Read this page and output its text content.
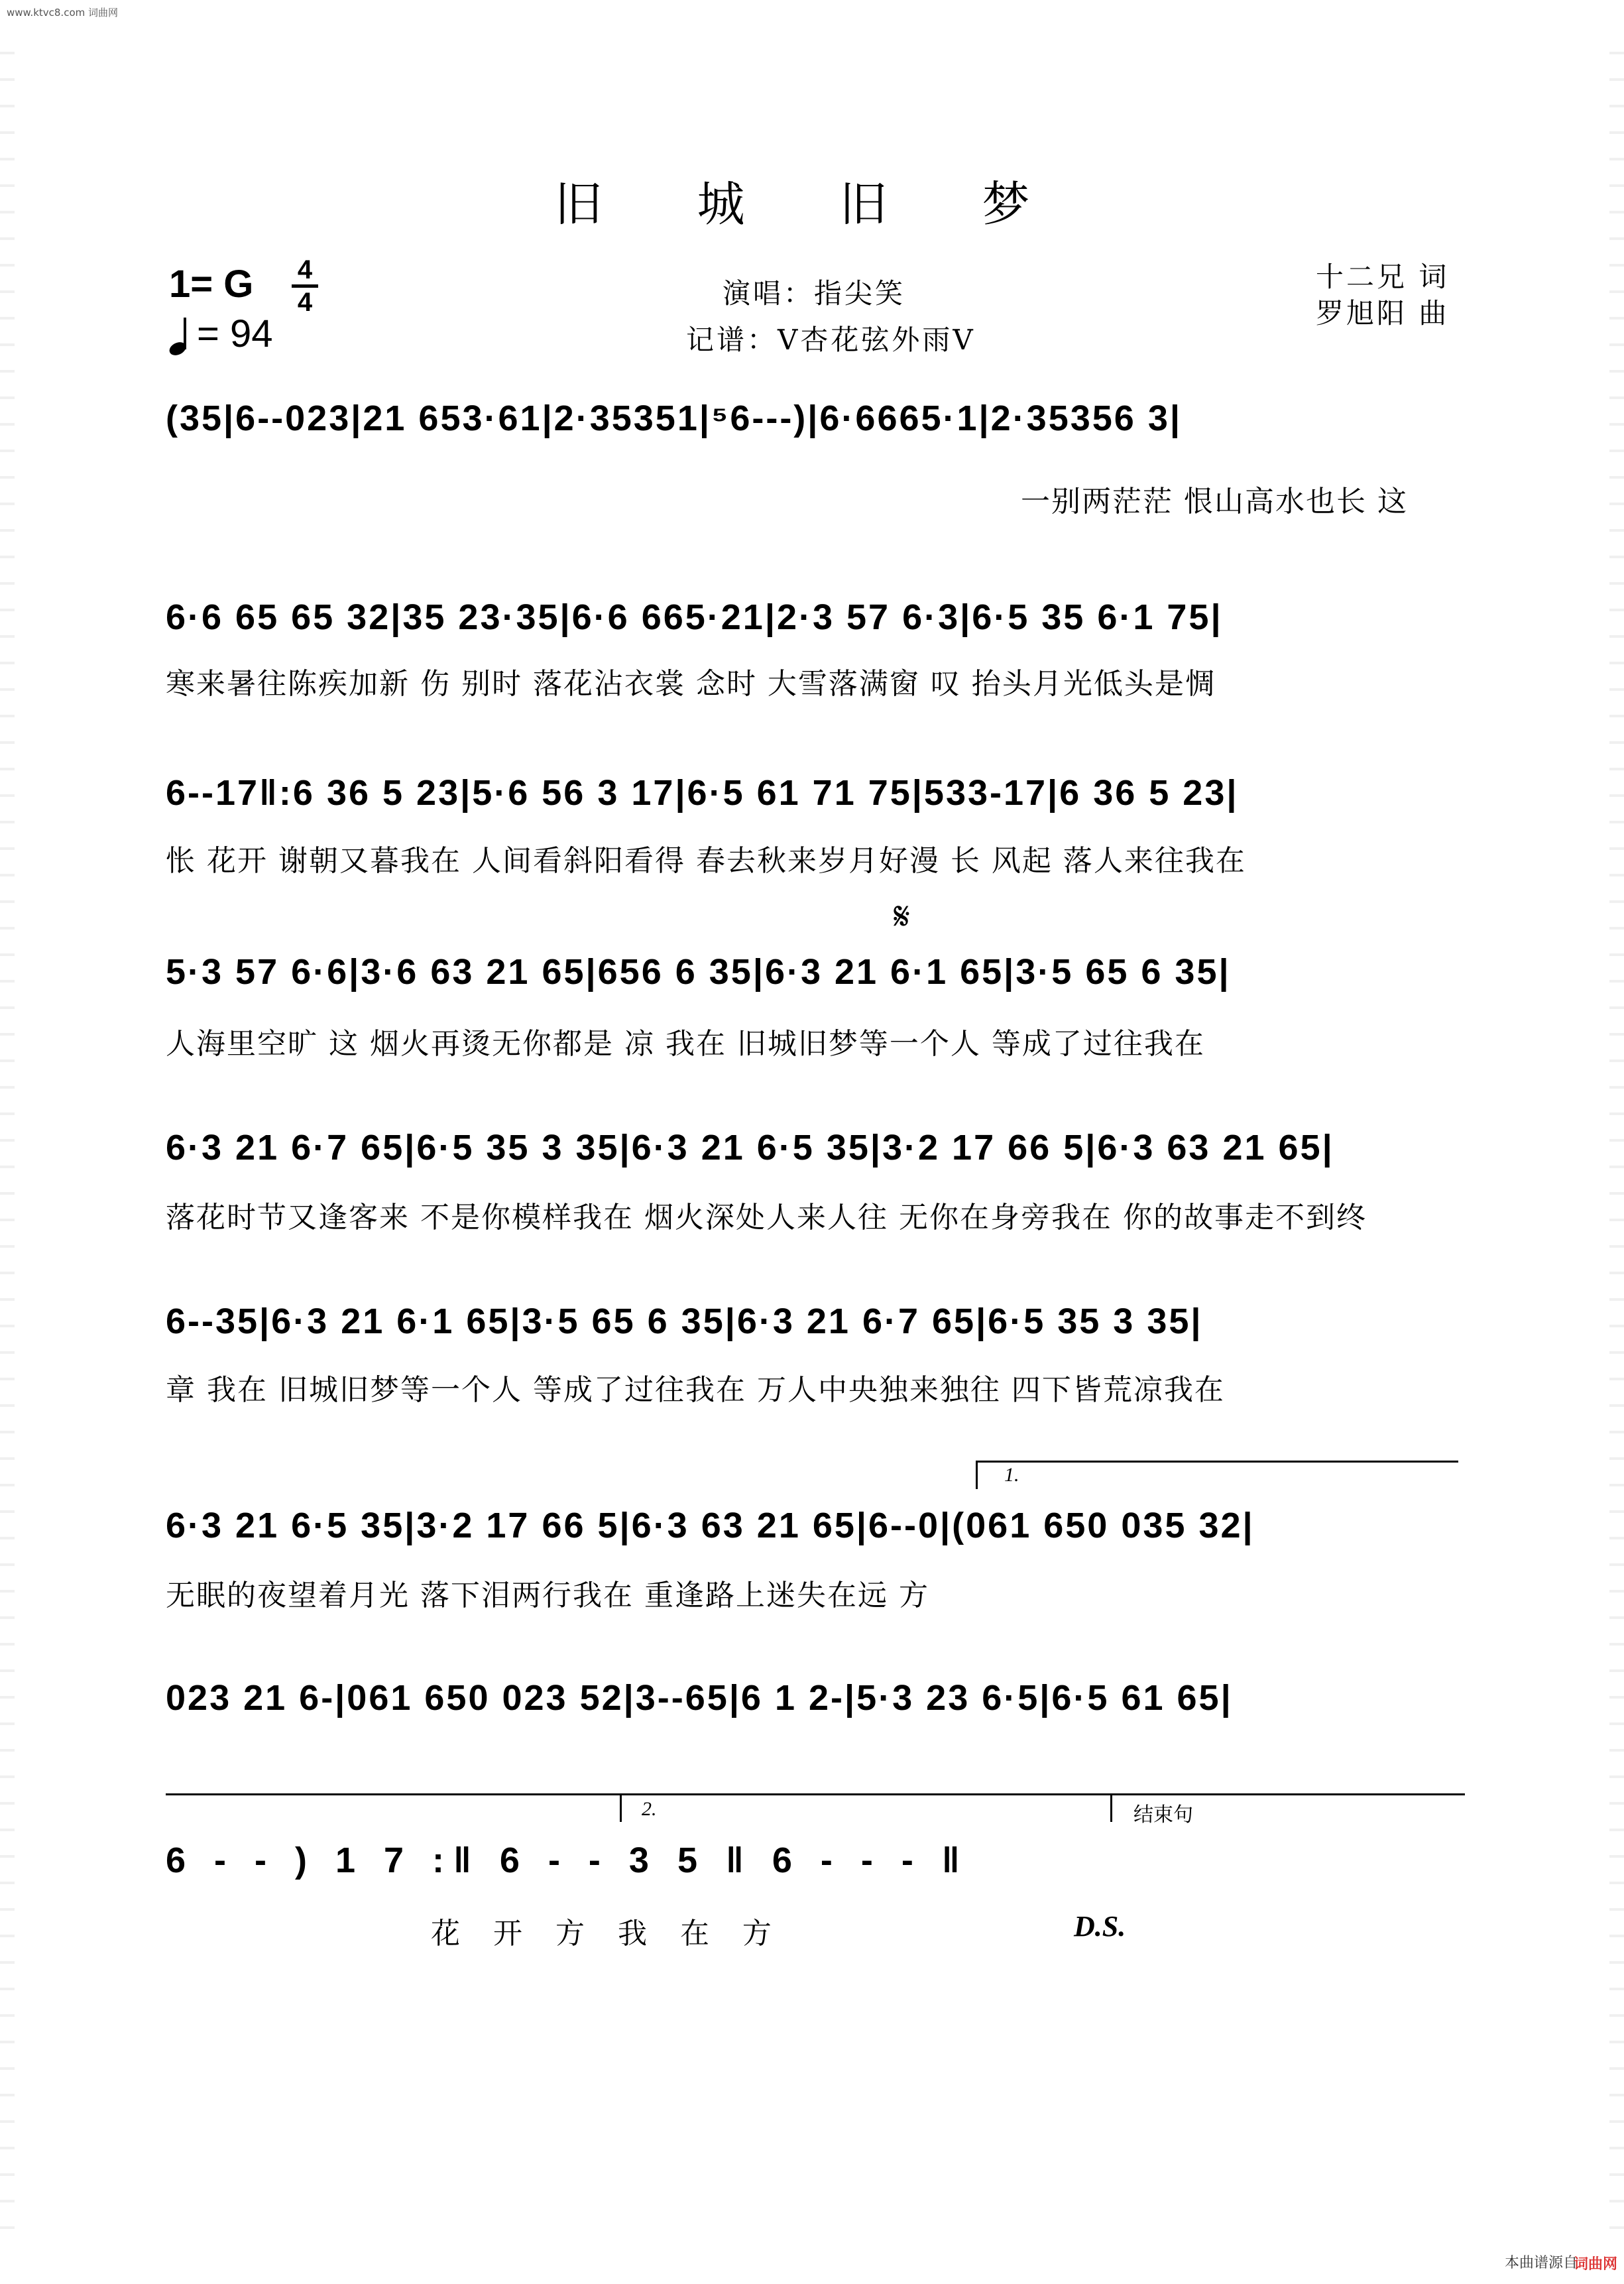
www.ktvc8.com 词曲网
旧 城 旧 梦
1= G 4
4
= 94
演唱：指尖笑
记谱：V杏花弦外雨V
十二兄 词
罗旭阳 曲
(35|6--023|21 653·61|2·35351|⁵6---)|6·6665·1|2·35356 3|
一别两茫茫 恨山高水也长 这
6·6 65 65 32|35 23·35|6·6 665·21|2·3 57 6·3|6·5 35 6·1 75|
寒来暑往陈疾加新 伤 别时 落花沾衣裳 念时 大雪落满窗 叹 抬头月光低头是惆
6--17‖:6 36 5 23|5·6 56 3 17|6·5 61 71 75|533-17|6 36 5 23|
怅 花开 谢朝又暮我在 人间看斜阳看得 春去秋来岁月好漫 长 风起 落人来往我在
𝄋
5·3 57 6·6|3·6 63 21 65|656 6 35|6·3 21 6·1 65|3·5 65 6 35|
人海里空旷 这 烟火再烫无你都是 凉 我在 旧城旧梦等一个人 等成了过往我在
6·3 21 6·7 65|6·5 35 3 35|6·3 21 6·5 35|3·2 17 66 5|6·3 63 21 65|
落花时节又逢客来 不是你模样我在 烟火深处人来人往 无你在身旁我在 你的故事走不到终
6--35|6·3 21 6·1 65|3·5 65 6 35|6·3 21 6·7 65|6·5 35 3 35|
章 我在 旧城旧梦等一个人 等成了过往我在 万人中央独来独往 四下皆荒凉我在
1.
6·3 21 6·5 35|3·2 17 66 5|6·3 63 21 65|6--0|(061 650 035 32|
无眠的夜望着月光 落下泪两行我在 重逢路上迷失在远 方
023 21 6-|061 650 023 52|3--65|6 1 2-|5·3 23 6·5|6·5 61 65|
2.	结束句
6 - - ) 1 7 :‖ 6 - - 3 5 ‖ 6 - - - ‖
花 开 方 我 在 方	D.S.
本曲谱源自
词曲网
